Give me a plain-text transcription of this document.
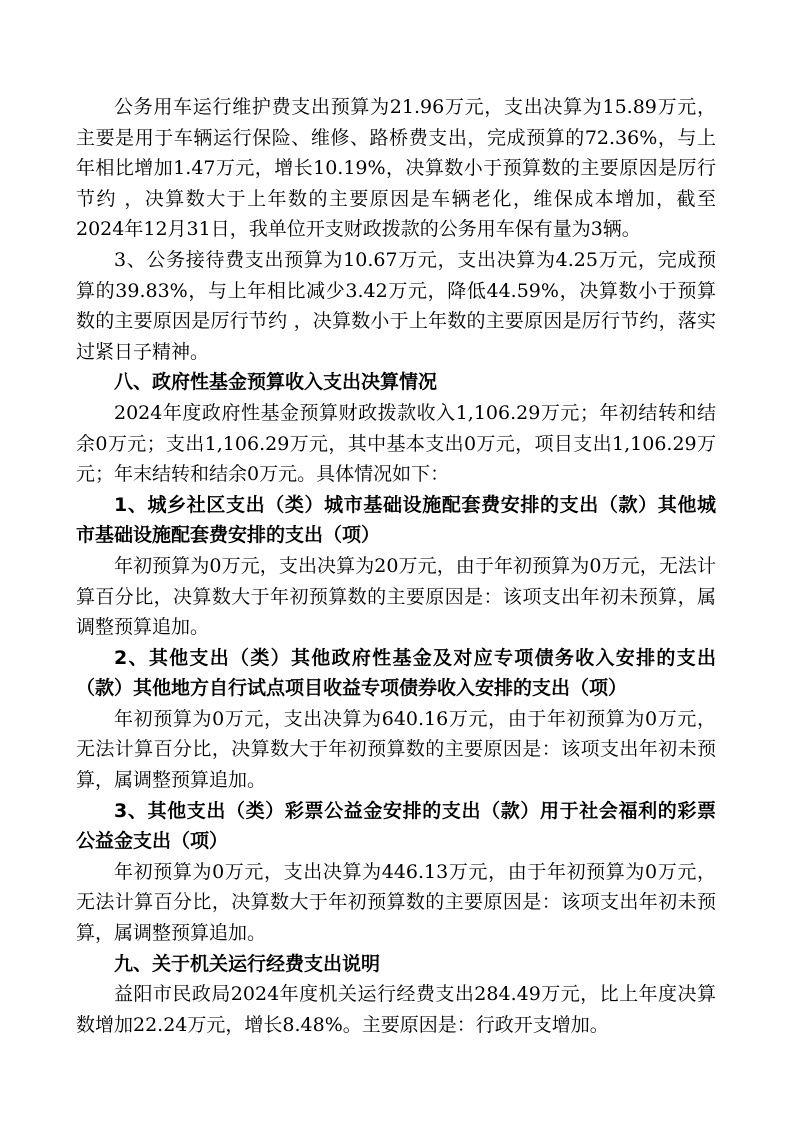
公务用车运行维护费支出预算为21.96万元，支出决算为15.89万元，主要是用于车辆运行保险、维修、路桥费支出，完成预算的72.36%，与上年相比增加1.47万元，增长10.19%，决算数小于预算数的主要原因是厉行节约 ，决算数大于上年数的主要原因是车辆老化，维保成本增加，截至2024年12月31日，我单位开支财政拨款的公务用车保有量为3辆。

3、公务接待费支出预算为10.67万元，支出决算为4.25万元，完成预算的39.83%，与上年相比减少3.42万元，降低44.59%，决算数小于预算数的主要原因是厉行节约 ，决算数小于上年数的主要原因是厉行节约，落实过紧日子精神。

八、政府性基金预算收入支出决算情况

2024年度政府性基金预算财政拨款收入1,106.29万元；年初结转和结余0万元；支出1,106.29万元，其中基本支出0万元，项目支出1,106.29万元；年末结转和结余0万元。具体情况如下：

1、城乡社区支出（类）城市基础设施配套费安排的支出（款）其他城市基础设施配套费安排的支出（项）

年初预算为0万元，支出决算为20万元，由于年初预算为0万元，无法计算百分比，决算数大于年初预算数的主要原因是：该项支出年初未预算，属调整预算追加。

2、其他支出（类）其他政府性基金及对应专项债务收入安排的支出（款）其他地方自行试点项目收益专项债券收入安排的支出（项）

年初预算为0万元，支出决算为640.16万元，由于年初预算为0万元，无法计算百分比，决算数大于年初预算数的主要原因是：该项支出年初未预算，属调整预算追加。

3、其他支出（类）彩票公益金安排的支出（款）用于社会福利的彩票公益金支出（项）

年初预算为0万元，支出决算为446.13万元，由于年初预算为0万元，无法计算百分比，决算数大于年初预算数的主要原因是：该项支出年初未预算，属调整预算追加。

九、关于机关运行经费支出说明

益阳市民政局2024年度机关运行经费支出284.49万元，比上年度决算数增加22.24万元，增长8.48%。主要原因是：行政开支增加。
